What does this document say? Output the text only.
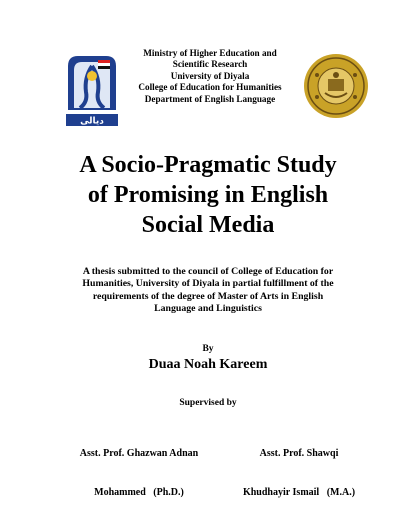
ديالى
Ministry of Higher Education and
Scientific Research
University of Diyala
College of Education for Humanities
Department of English Language
A Socio-Pragmatic Study
of Promising in English
Social Media
A thesis submitted to the council of College of Education for
Humanities, University of Diyala in partial fulfillment of the
requirements of the degree of Master of Arts in English
Language and Linguistics
By
Duaa Noah Kareem
Supervised by

Asst. Prof. Ghazwan Adnan

Mohammed   (Ph.D.)

Asst. Prof. Shawqi

Khudhayir Ismail   (M.A.)
